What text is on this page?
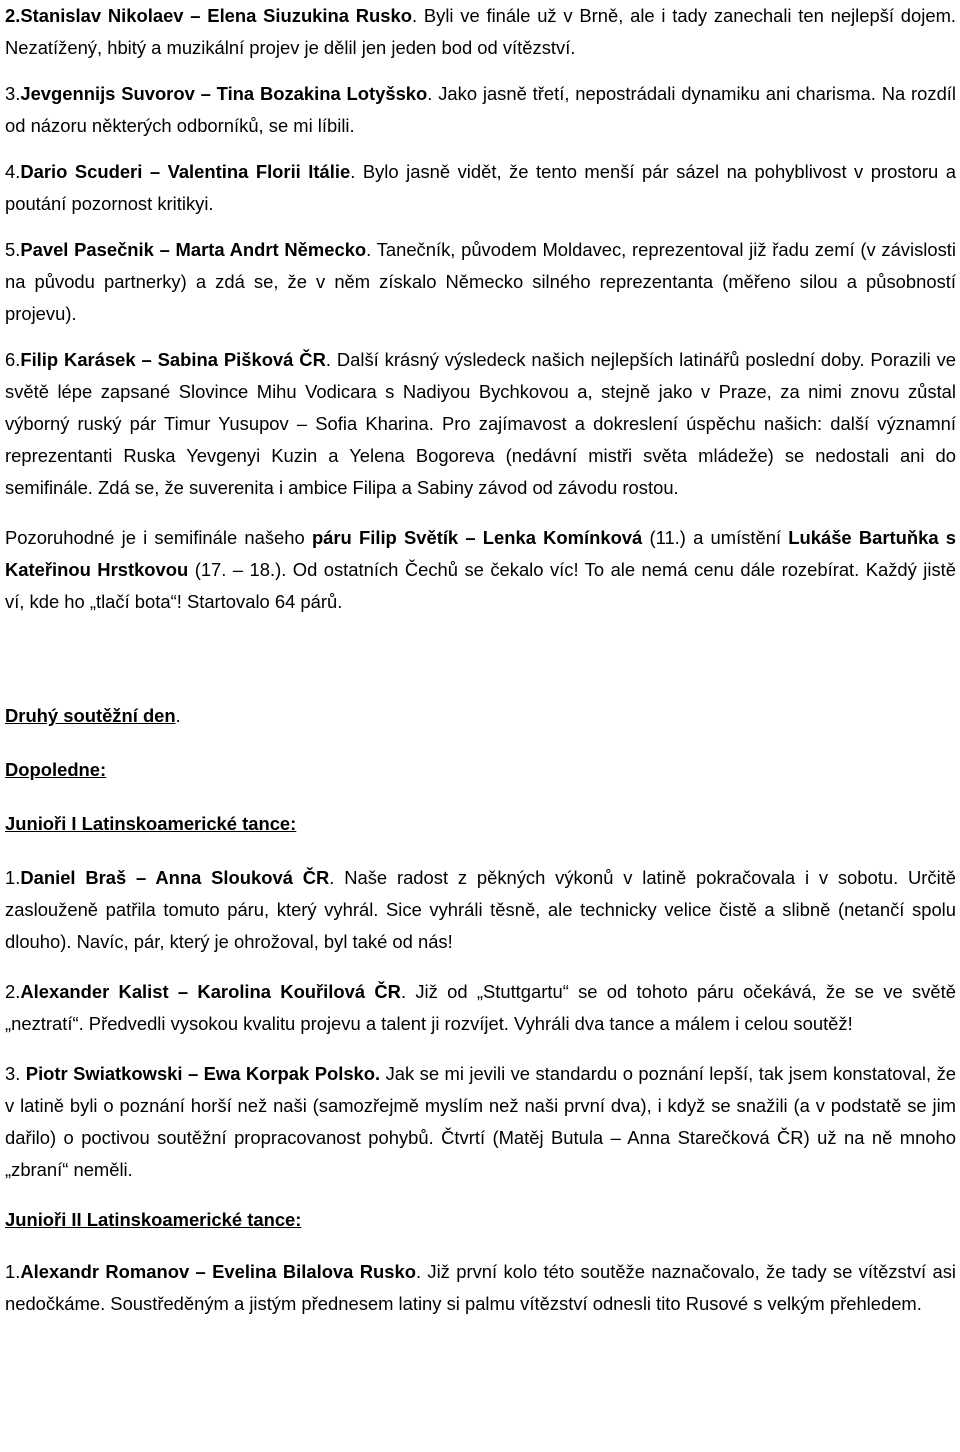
2.Stanislav Nikolaev – Elena Siuzukina Rusko. Byli ve finále už v Brně, ale i tady zanechali ten nejlepší dojem. Nezatížený, hbitý a muzikální projev je dělil jen jeden bod od vítězství.

3.Jevgennijs Suvorov – Tina Bozakina Lotyšsko. Jako jasně třetí, nepostrádali dynamiku ani charisma. Na rozdíl od názoru některých odborníků, se mi líbili.

4.Dario Scuderi – Valentina Florii Itálie. Bylo jasně vidět, že tento menší pár sázel na pohyblivost v prostoru a poutání pozornost kritikyi.

5.Pavel Pasečnik – Marta Andrt Německo. Tanečník, původem Moldavec, reprezentoval již řadu zemí (v závislosti na původu partnerky) a zdá se, že v něm získalo Německo silného reprezentanta (měřeno silou a působností projevu).

6.Filip Karásek – Sabina Pišková ČR. Další krásný výsledeck našich nejlepších latinářů poslední doby. Porazili ve světě lépe zapsané Slovince Mihu Vodicara s Nadiyou Bychkovou a, stejně jako v Praze, za nimi znovu zůstal výborný ruský pár Timur Yusupov – Sofia Kharina. Pro zajímavost a dokreslení úspěchu našich: další významní reprezentanti Ruska Yevgenyi Kuzin a Yelena Bogoreva (nedávní mistři světa mládeže) se nedostali ani do semifinále. Zdá se, že suverenita i ambice Filipa a Sabiny závod od závodu rostou.

Pozoruhodné je i semifinále našeho páru Filip Světík – Lenka Komínková (11.) a umístění Lukáše Bartuňka s Kateřinou Hrstkovou (17. – 18.). Od ostatních Čechů se čekalo víc! To ale nemá cenu dále rozebírat. Každý jistě ví, kde ho „tlačí bota“! Startovalo 64 párů.

Druhý soutěžní den.

Dopoledne:

Junioři I Latinskoamerické tance:

1.Daniel Braš – Anna Slouková ČR. Naše radost z pěkných výkonů v latině pokračovala i v sobotu. Určitě zaslouženě patřila tomuto páru, který vyhrál. Sice vyhráli těsně, ale technicky velice čistě a slibně (netančí spolu dlouho). Navíc, pár, který je ohrožoval, byl také od nás!

2.Alexander Kalist – Karolina Kouřilová ČR. Již od „Stuttgartu“ se od tohoto páru očekává, že se ve světě „neztratí“. Předvedli vysokou kvalitu projevu a talent ji rozvíjet. Vyhráli dva tance a málem i celou soutěž!

3. Piotr Swiatkowski – Ewa Korpak Polsko. Jak se mi jevili ve standardu o poznání lepší, tak jsem konstatoval, že v latině byli o poznání horší než naši (samozřejmě myslím než naši první dva), i když se snažili (a v podstatě se jim dařilo) o poctivou soutěžní propracovanost pohybů. Čtvrtí (Matěj Butula – Anna Starečková ČR) už na ně mnoho „zbraní“ neměli.

Junioři II Latinskoamerické tance:

1.Alexandr Romanov – Evelina Bilalova Rusko. Již první kolo této soutěže naznačovalo, že tady se vítězství asi nedočkáme. Soustředěným a jistým přednesem latiny si palmu vítězství odnesli tito Rusové s velkým přehledem.
